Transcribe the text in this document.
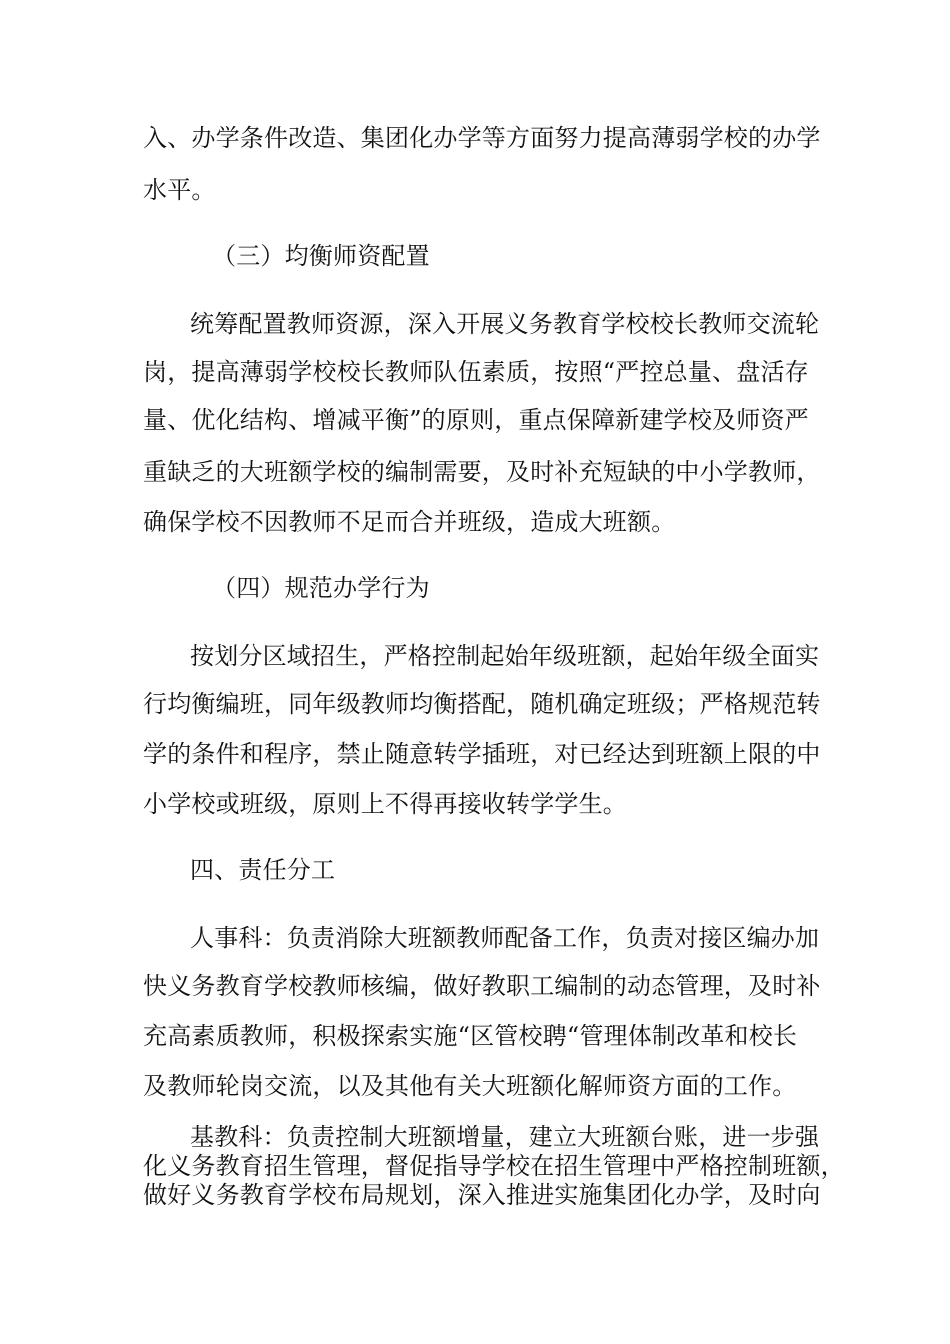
入、办学条件改造、集团化办学等方面努力提高薄弱学校的办学
水平。
（三）均衡师资配置
统筹配置教师资源，深入开展义务教育学校校长教师交流轮
岗，提高薄弱学校校长教师队伍素质，按照“严控总量、盘活存
量、优化结构、增减平衡”的原则，重点保障新建学校及师资严
重缺乏的大班额学校的编制需要，及时补充短缺的中小学教师，
确保学校不因教师不足而合并班级，造成大班额。
（四）规范办学行为
按划分区域招生，严格控制起始年级班额，起始年级全面实
行均衡编班，同年级教师均衡搭配，随机确定班级；严格规范转
学的条件和程序，禁止随意转学插班，对已经达到班额上限的中
小学校或班级，原则上不得再接收转学学生。
四、责任分工
人事科：负责消除大班额教师配备工作，负责对接区编办加
快义务教育学校教师核编，做好教职工编制的动态管理，及时补
充高素质教师，积极探索实施“区管校聘“管理体制改革和校长
及教师轮岗交流，以及其他有关大班额化解师资方面的工作。
基教科：负责控制大班额增量，建立大班额台账，进一步强
化义务教育招生管理，督促指导学校在招生管理中严格控制班额，
做好义务教育学校布局规划，深入推进实施集团化办学，及时向
